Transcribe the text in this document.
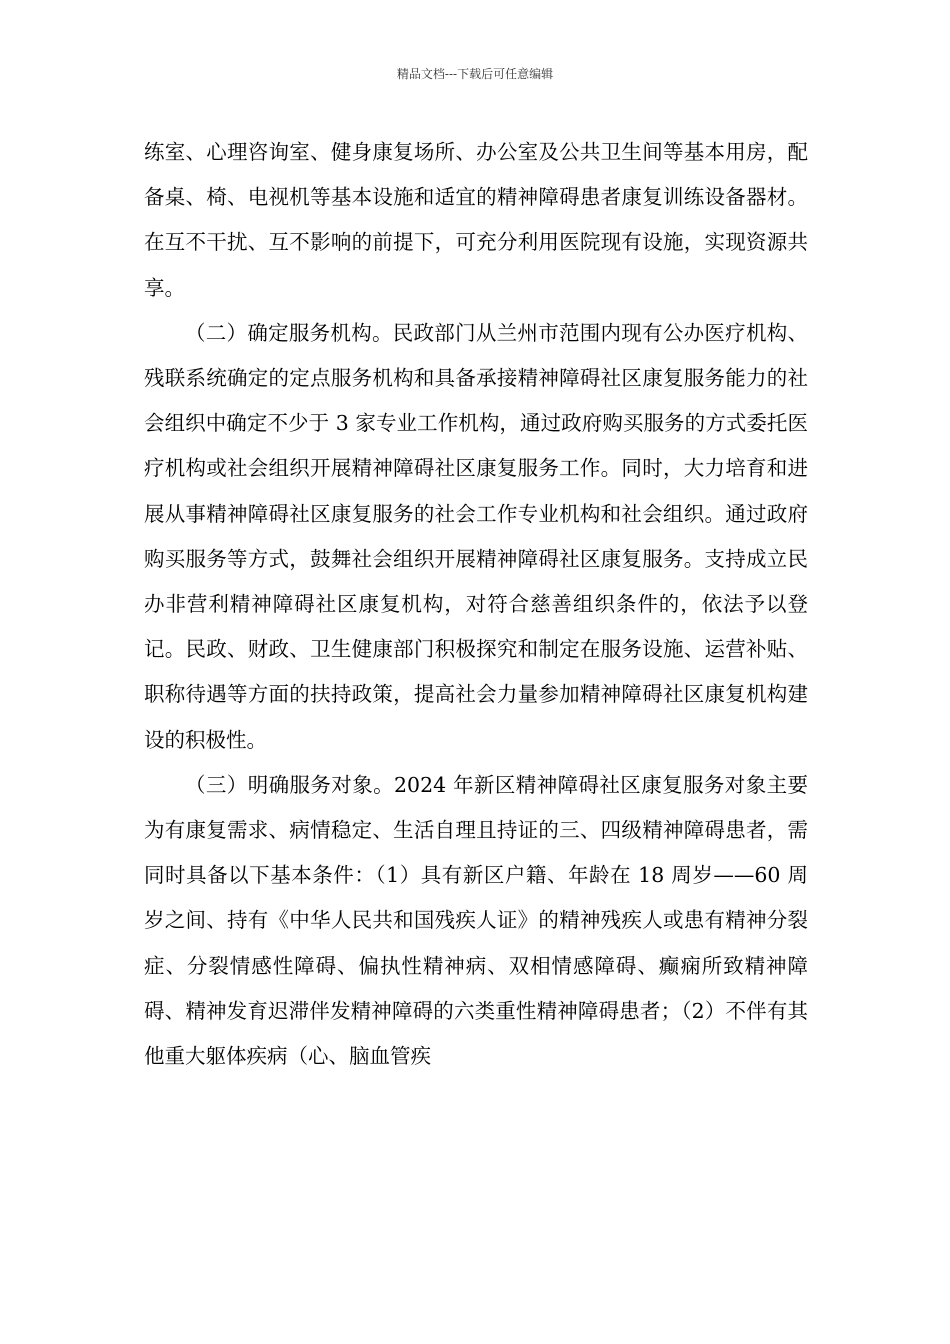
精品文档---下载后可任意编辑

练室、心理咨询室、健身康复场所、办公室及公共卫生间等基本用房，配备桌、椅、电视机等基本设施和适宜的精神障碍患者康复训练设备器材。在互不干扰、互不影响的前提下，可充分利用医院现有设施，实现资源共享。

（二）确定服务机构。民政部门从兰州市范围内现有公办医疗机构、残联系统确定的定点服务机构和具备承接精神障碍社区康复服务能力的社会组织中确定不少于 3 家专业工作机构，通过政府购买服务的方式委托医疗机构或社会组织开展精神障碍社区康复服务工作。同时，大力培育和进展从事精神障碍社区康复服务的社会工作专业机构和社会组织。通过政府购买服务等方式，鼓舞社会组织开展精神障碍社区康复服务。支持成立民办非营利精神障碍社区康复机构，对符合慈善组织条件的，依法予以登记。民政、财政、卫生健康部门积极探究和制定在服务设施、运营补贴、职称待遇等方面的扶持政策，提高社会力量参加精神障碍社区康复机构建设的积极性。

（三）明确服务对象。2024 年新区精神障碍社区康复服务对象主要为有康复需求、病情稳定、生活自理且持证的三、四级精神障碍患者，需同时具备以下基本条件：（1）具有新区户籍、年龄在 18 周岁——60 周岁之间、持有《中华人民共和国残疾人证》的精神残疾人或患有精神分裂症、分裂情感性障碍、偏执性精神病、双相情感障碍、癫痫所致精神障碍、精神发育迟滞伴发精神障碍的六类重性精神障碍患者；（2）不伴有其他重大躯体疾病（心、脑血管疾
